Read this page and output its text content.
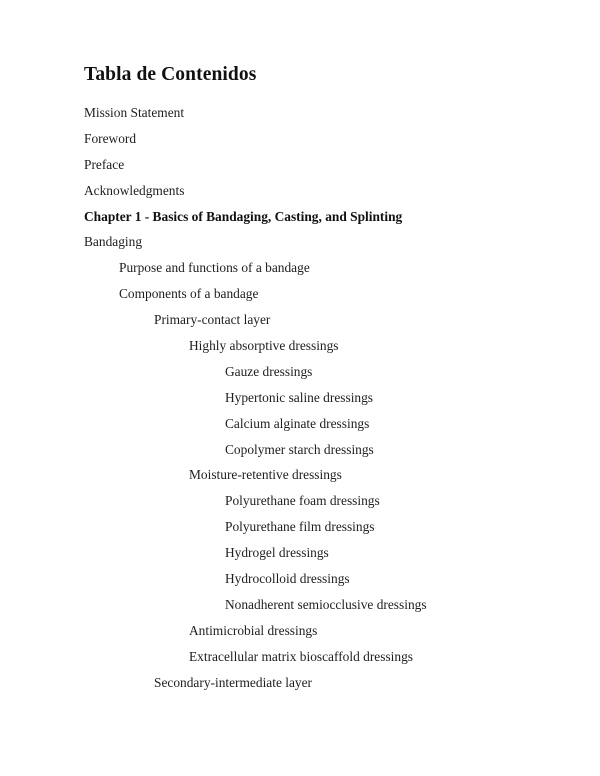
Tabla de Contenidos
Mission Statement
Foreword
Preface
Acknowledgments
Chapter 1 - Basics of Bandaging, Casting, and Splinting
Bandaging
Purpose and functions of a bandage
Components of a bandage
Primary-contact layer
Highly absorptive dressings
Gauze dressings
Hypertonic saline dressings
Calcium alginate dressings
Copolymer starch dressings
Moisture-retentive dressings
Polyurethane foam dressings
Polyurethane film dressings
Hydrogel dressings
Hydrocolloid dressings
Nonadherent semiocclusive dressings
Antimicrobial dressings
Extracellular matrix bioscaffold dressings
Secondary-intermediate layer
